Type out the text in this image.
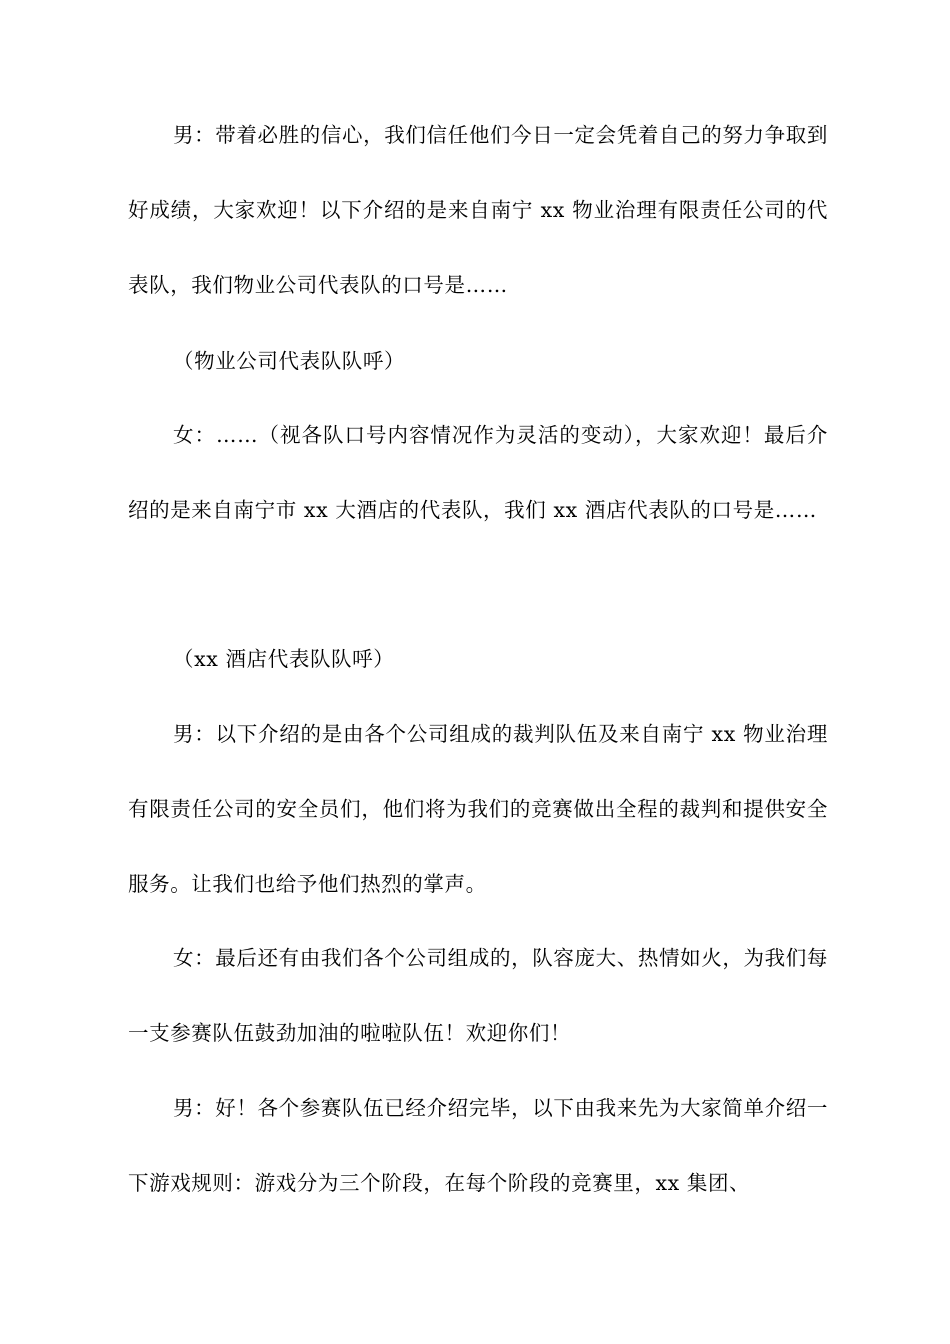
男：带着必胜的信心，我们信任他们今日一定会凭着自己的努力争取到好成绩，大家欢迎！以下介绍的是来自南宁 xx 物业治理有限责任公司的代表队，我们物业公司代表队的口号是……

（物业公司代表队队呼）

女：……（视各队口号内容情况作为灵活的变动），大家欢迎！最后介绍的是来自南宁市 xx 大酒店的代表队，我们 xx 酒店代表队的口号是……

（xx 酒店代表队队呼）

男：以下介绍的是由各个公司组成的裁判队伍及来自南宁 xx 物业治理有限责任公司的安全员们，他们将为我们的竞赛做出全程的裁判和提供安全服务。让我们也给予他们热烈的掌声。

女：最后还有由我们各个公司组成的，队容庞大、热情如火，为我们每一支参赛队伍鼓劲加油的啦啦队伍！欢迎你们！

男：好！各个参赛队伍已经介绍完毕，以下由我来先为大家简单介绍一下游戏规则：游戏分为三个阶段，在每个阶段的竞赛里，xx 集团、
